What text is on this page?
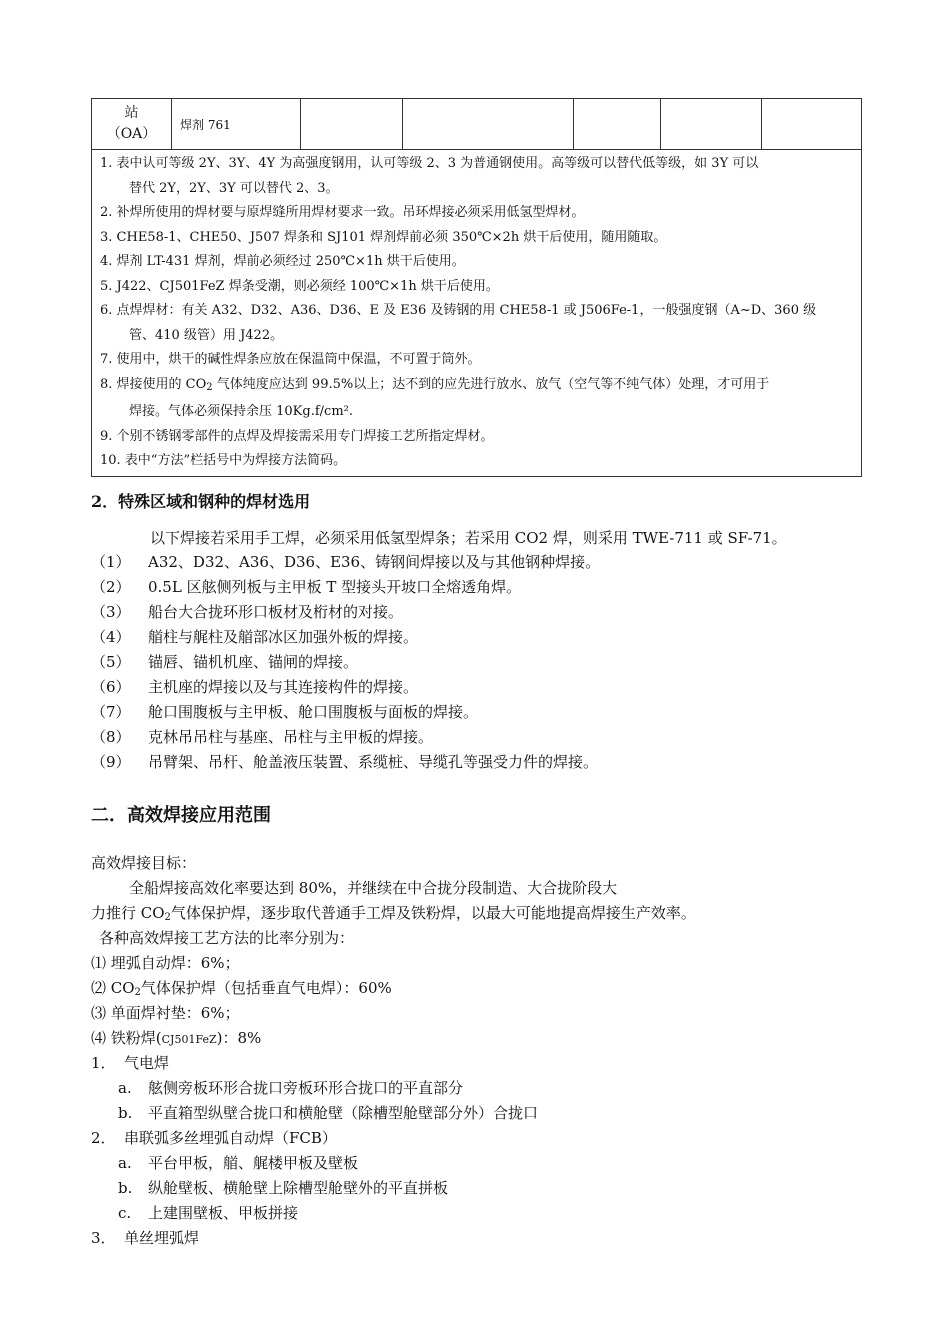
站
（OA）
	焊剂 761					

1. 表中认可等级 2Y、3Y、4Y 为高强度钢用，认可等级 2、3 为普通钢使用。高等级可以替代低等级，如 3Y 可以
替代 2Y，2Y、3Y 可以替代 2、3。
2. 补焊所使用的焊材要与原焊缝所用焊材要求一致。吊环焊接必须采用低氢型焊材。
3. CHE58-1、CHE50、J507 焊条和 SJ101 焊剂焊前必须 350℃×2h 烘干后使用，随用随取。
4. 焊剂 LT-431 焊剂，焊前必须经过 250℃×1h 烘干后使用。
5. J422、CJ501FeZ 焊条受潮，则必须经 100℃×1h 烘干后使用。
6. 点焊焊材：有关 A32、D32、A36、D36、E 及 E36 及铸钢的用 CHE58-1 或 J506Fe-1，一般强度钢（A~D、360 级
管、410 级管）用 J422。
7. 使用中，烘干的碱性焊条应放在保温筒中保温，不可置于筒外。
8. 焊接使用的 $CO_2$ 气体纯度应达到 99.5%以上；达不到的应先进行放水、放气（空气等不纯气体）处理，才可用于
焊接。气体必须保持余压 10Kg.f/cm².
9. 个别不锈钢零部件的点焊及焊接需采用专门焊接工艺所指定焊材。
10. 表中“方法”栏括号中为焊接方法简码。
2．特殊区域和钢种的焊材选用
以下焊接若采用手工焊，必须采用低氢型焊条；若采用 CO2 焊，则采用 TWE-711 或 SF-71。
（1） A32、D32、A36、D36、E36、铸钢间焊接以及与其他钢种焊接。
（2） 0.5L 区舷侧列板与主甲板 T 型接头开坡口全熔透角焊。
（3） 船台大合拢环形口板材及桁材的对接。
（4） 艏柱与艉柱及艏部冰区加强外板的焊接。
（5） 锚唇、锚机机座、锚闸的焊接。
（6） 主机座的焊接以及与其连接构件的焊接。
（7） 舱口围腹板与主甲板、舱口围腹板与面板的焊接。
（8） 克林吊吊柱与基座、吊柱与主甲板的焊接。
（9） 吊臂架、吊杆、舱盖液压装置、系缆桩、导缆孔等强受力件的焊接。
二．高效焊接应用范围
高效焊接目标：
全船焊接高效化率要达到 80%，并继续在中合拢分段制造、大合拢阶段大
力推行 $CO_2$气体保护焊，逐步取代普通手工焊及铁粉焊，以最大可能地提高焊接生产效率。
各种高效焊接工艺方法的比率分别为：
⑴ 埋弧自动焊：6%；
⑵ $CO_2$气体保护焊（包括垂直气电焊）：60%
⑶ 单面焊衬垫：6%；
⑷ 铁粉焊(CJ501FeZ)：8%
1． 气电焊
a. 舷侧旁板环形合拢口旁板环形合拢口的平直部分
b. 平直箱型纵壁合拢口和横舱壁（除槽型舱壁部分外）合拢口
2． 串联弧多丝埋弧自动焊（FCB）
a. 平台甲板，艏、艉楼甲板及壁板
b. 纵舱壁板、横舱壁上除槽型舱壁外的平直拼板
c. 上建围壁板、甲板拼接
3． 单丝埋弧焊
